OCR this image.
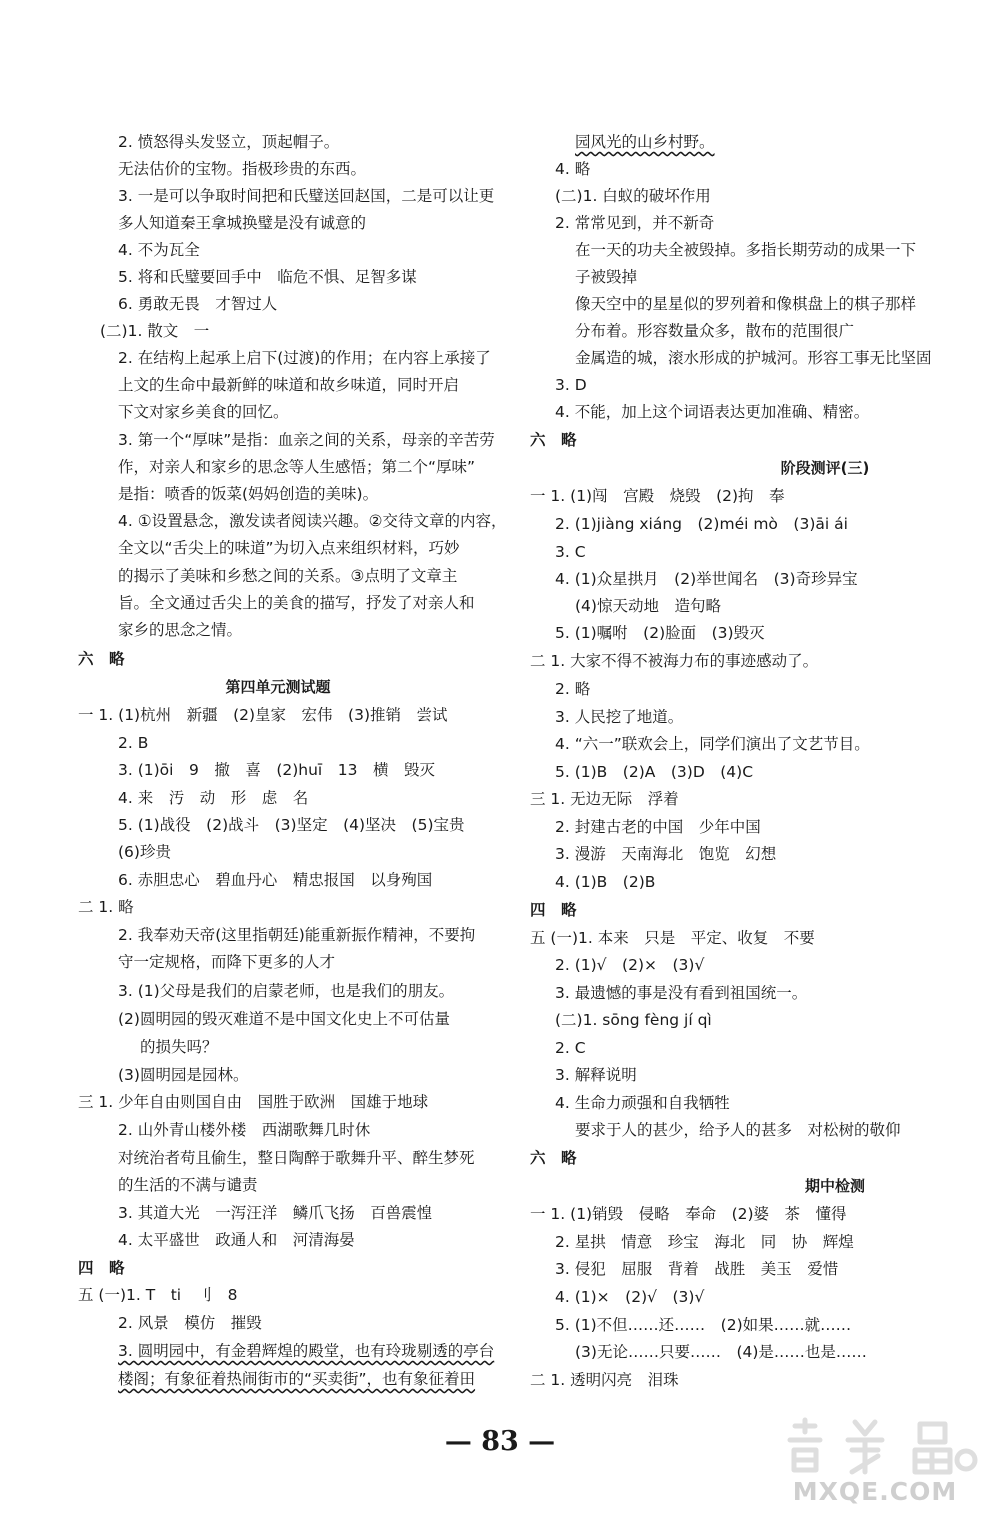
2. 愤怒得头发竖立，顶起帽子。
无法估价的宝物。指极珍贵的东西。
3. 一是可以争取时间把和氏璧送回赵国，二是可以让更
多人知道秦王拿城换璧是没有诚意的
4. 不为瓦全
5. 将和氏璧要回手中　临危不惧、足智多谋
6. 勇敢无畏　才智过人
(二)1. 散文　一
2. 在结构上起承上启下(过渡)的作用；在内容上承接了
上文的生命中最新鲜的味道和故乡味道，同时开启
下文对家乡美食的回忆。
3. 第一个“厚味”是指：血亲之间的关系，母亲的辛苦劳
作，对亲人和家乡的思念等人生感悟；第二个“厚味”
是指：喷香的饭菜(妈妈创造的美味)。
4. ①设置悬念，激发读者阅读兴趣。②交待文章的内容，
全文以“舌尖上的味道”为切入点来组织材料，巧妙
的揭示了美味和乡愁之间的关系。③点明了文章主
旨。全文通过舌尖上的美食的描写，抒发了对亲人和
家乡的思念之情。
六　略
第四单元测试题
一 1. (1)杭州　新疆　(2)皇家　宏伟　(3)推销　尝试
2. B
3. (1)ōi　9　撤　喜　(2)huī　13　横　毁灭
4. 来　汚　动　形　虑　名
5. (1)战役　(2)战斗　(3)坚定　(4)坚决　(5)宝贵
(6)珍贵
6. 赤胆忠心　碧血丹心　精忠报国　以身殉国
二 1. 略
2. 我奉劝天帝(这里指朝廷)能重新振作精神，不要拘
守一定规格，而降下更多的人才
3. (1)父母是我们的启蒙老师，也是我们的朋友。
(2)圆明园的毁灭难道不是中国文化史上不可估量
的损失吗？
(3)圆明园是园林。
三 1. 少年自由则国自由　国胜于欧洲　国雄于地球
2. 山外青山楼外楼　西湖歌舞几时休
对统治者苟且偷生，整日陶醉于歌舞升平、醉生梦死
的生活的不满与谴责
3. 其道大光　一泻汪洋　鳞爪飞扬　百兽震惶
4. 太平盛世　政通人和　河清海晏
四　略
五 (一)1. T　ti　刂　8
2. 风景　模仿　摧毁
3. 圆明园中，有金碧辉煌的殿堂，也有玲珑剔透的亭台
楼阁；有象征着热闹街市的“买卖街”，也有象征着田
园风光的山乡村野。
4. 略
(二)1. 白蚁的破坏作用
2. 常常见到，并不新奇
在一天的功夫全被毁掉。多指长期劳动的成果一下
子被毁掉
像天空中的星星似的罗列着和像棋盘上的棋子那样
分布着。形容数量众多，散布的范围很广
金属造的城，滚水形成的护城河。形容工事无比坚固
3. D
4. 不能，加上这个词语表达更加准确、精密。
六　略
阶段测评(三)
一 1. (1)闯　宫殿　烧毁　(2)拘　奉
2. (1)jiàng xiáng　(2)méi mò　(3)āi ái
3. C
4. (1)众星拱月　(2)举世闻名　(3)奇珍异宝
(4)惊天动地　造句略
5. (1)嘱咐　(2)脸面　(3)毁灭
二 1. 大家不得不被海力布的事迹感动了。
2. 略
3. 人民挖了地道。
4. “六一”联欢会上，同学们演出了文艺节目。
5. (1)B　(2)A　(3)D　(4)C
三 1. 无边无际　浮着
2. 封建古老的中国　少年中国
3. 漫游　天南海北　饱览　幻想
4. (1)B　(2)B
四　略
五 (一)1. 本来　只是　平定、收复　不要
2. (1)√　(2)×　(3)√
3. 最遗憾的事是没有看到祖国统一。
(二)1. sōng fèng jí qì
2. C
3. 解释说明
4. 生命力顽强和自我牺牲
要求于人的甚少，给予人的甚多　对松树的敬仰
六　略
期中检测
一 1. (1)销毁　侵略　奉命　(2)婆　茶　懂得
2. 星拱　情意　珍宝　海北　同　协　辉煌
3. 侵犯　屈服　背着　战胜　美玉　爱惜
4. (1)×　(2)√　(3)√
5. (1)不但……还……　(2)如果……就……
(3)无论……只要……　(4)是……也是……
二 1. 透明闪亮　泪珠
— 83 —
MXQE.COM
